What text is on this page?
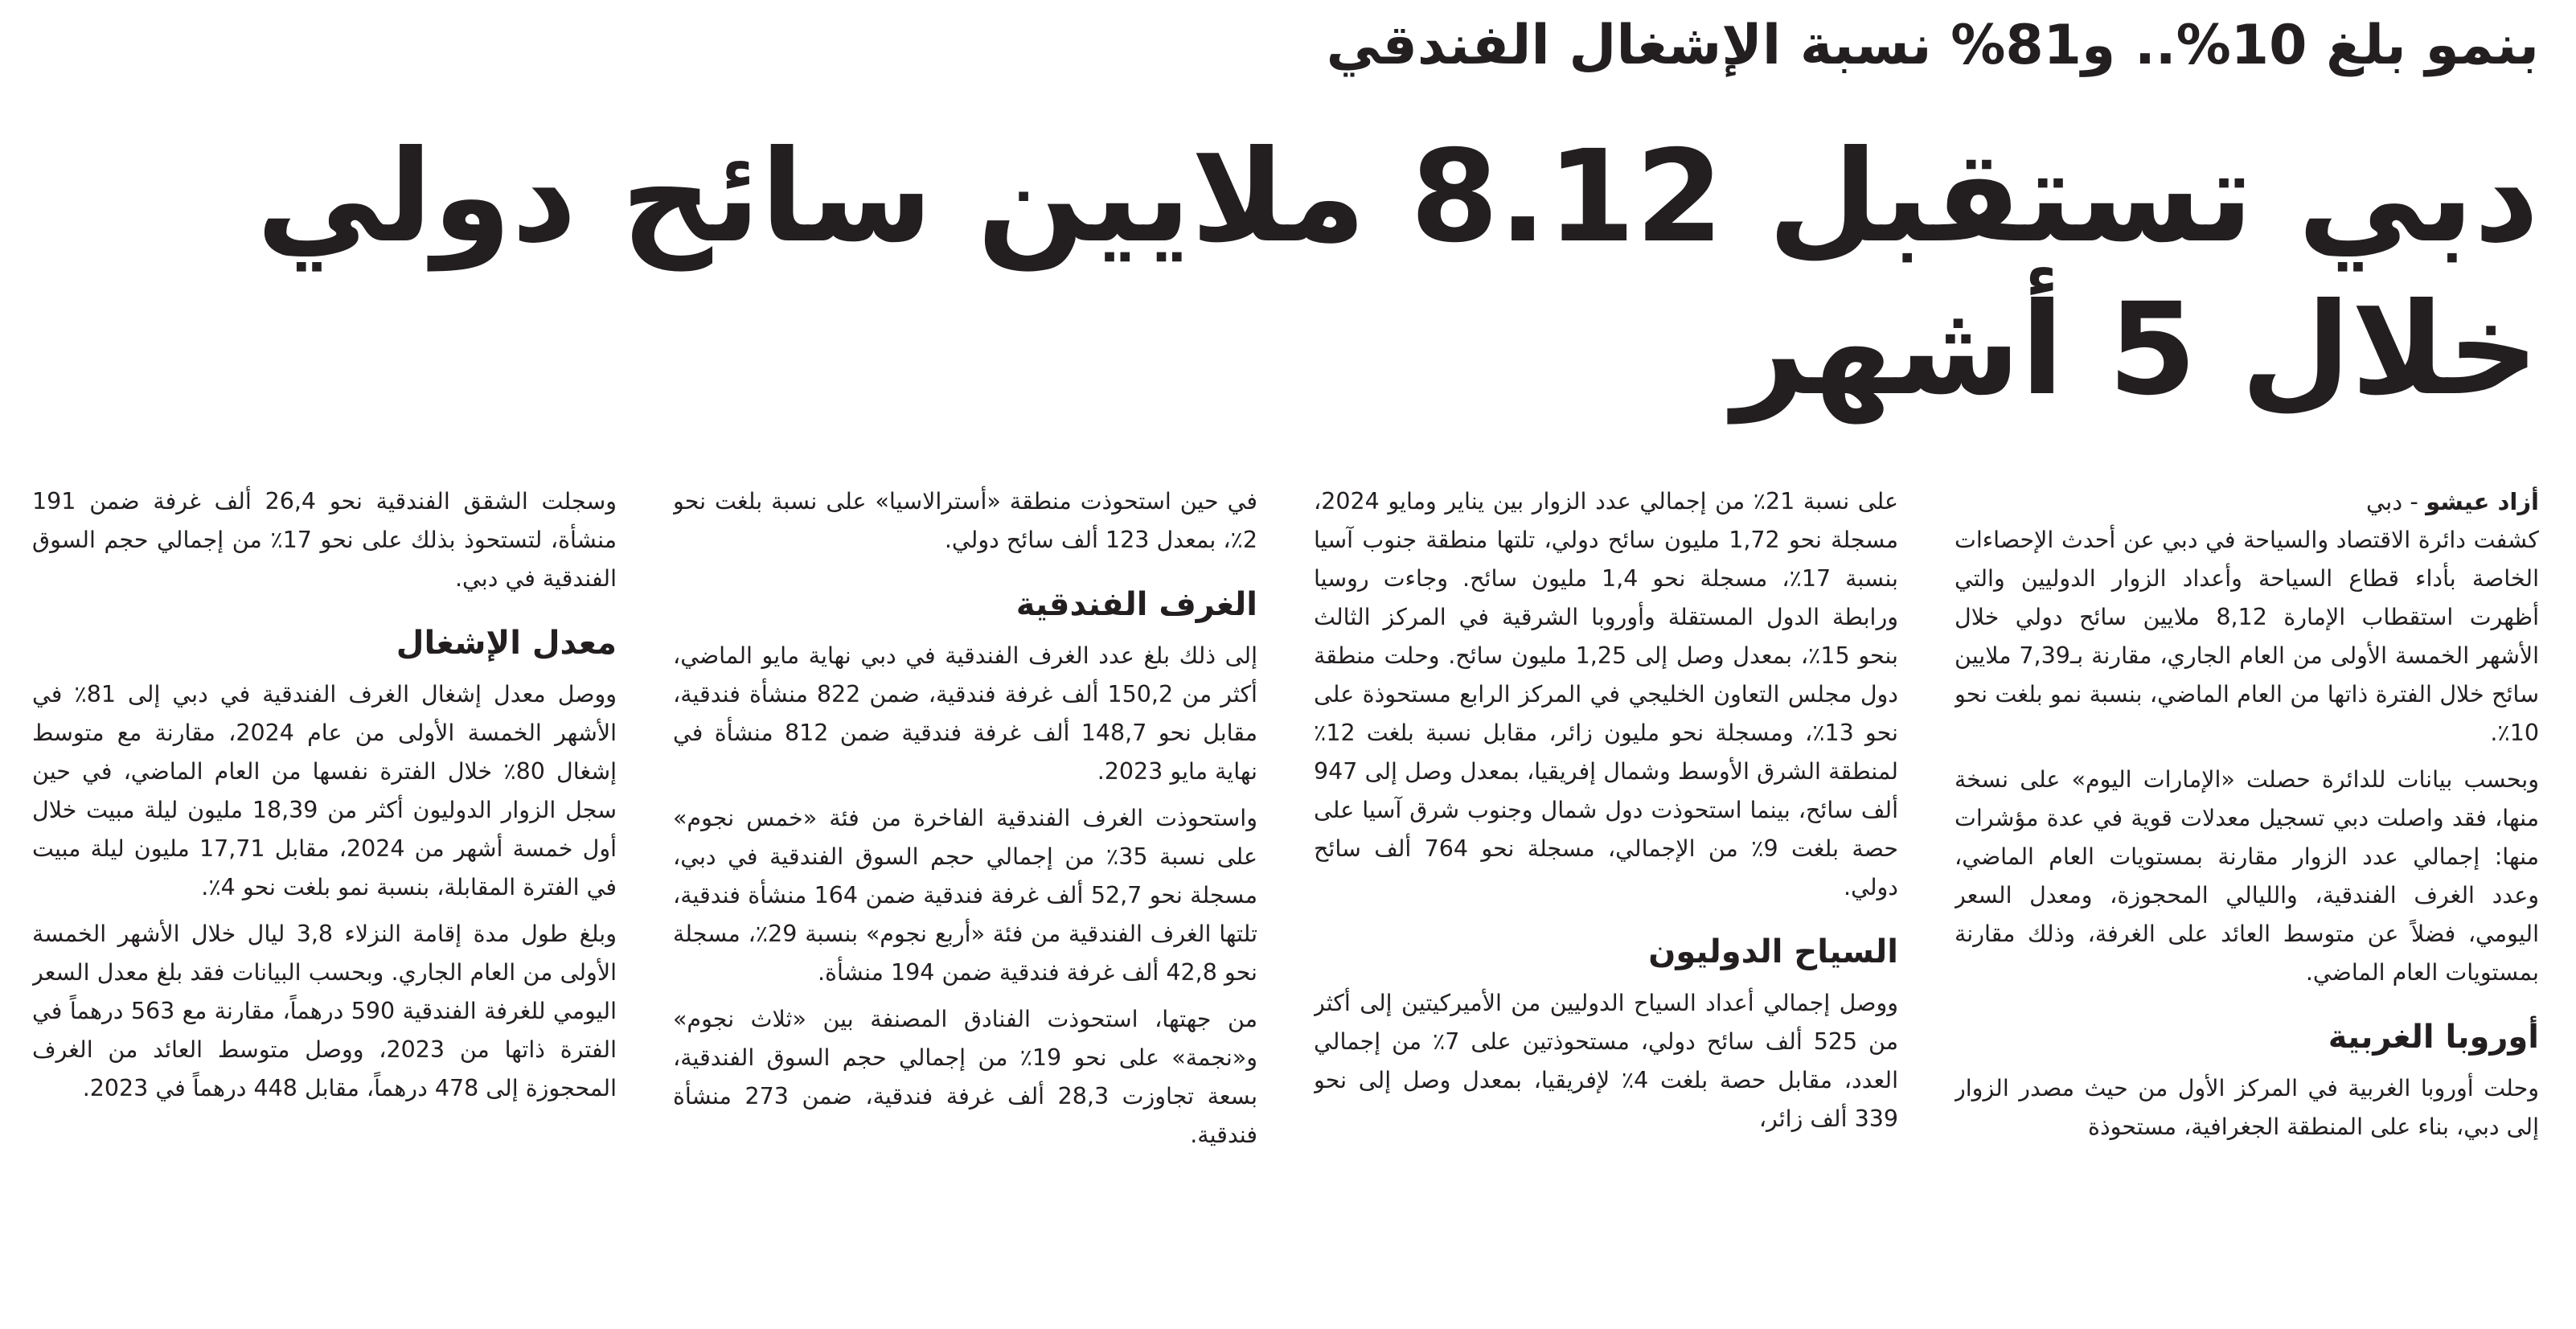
بنمو بلغ 10%.. و81% نسبة الإشغال الفندقي
دبي تستقبل 8.12 ملايين سائح دولي
خلال 5 أشهر

أزاد عيشو - دبي

كشفت دائرة الاقتصاد والسياحة في دبي عن أحدث الإحصاءات الخاصة بأداء قطاع السياحة وأعداد الزوار الدوليين والتي أظهرت استقطاب الإمارة 8,12 ملايين سائح دولي خلال الأشهر الخمسة الأولى من العام الجاري، مقارنة بـ7,39 ملايين سائح خلال الفترة ذاتها من العام الماضي، بنسبة نمو بلغت نحو 10٪.

وبحسب بيانات للدائرة حصلت «الإمارات اليوم» على نسخة منها، فقد واصلت دبي تسجيل معدلات قوية في عدة مؤشرات منها: إجمالي عدد الزوار مقارنة بمستويات العام الماضي، وعدد الغرف الفندقية، والليالي المحجوزة، ومعدل السعر اليومي، فضلاً عن متوسط العائد على الغرفة، وذلك مقارنة بمستويات العام الماضي.

أوروبا الغربية

وحلت أوروبا الغربية في المركز الأول من حيث مصدر الزوار إلى دبي، بناء على المنطقة الجغرافية، مستحوذة

على نسبة 21٪ من إجمالي عدد الزوار بين يناير ومايو 2024، مسجلة نحو 1,72 مليون سائح دولي، تلتها منطقة جنوب آسيا بنسبة 17٪، مسجلة نحو 1,4 مليون سائح. وجاءت روسيا ورابطة الدول المستقلة وأوروبا الشرقية في المركز الثالث بنحو 15٪، بمعدل وصل إلى 1,25 مليون سائح. وحلت منطقة دول مجلس التعاون الخليجي في المركز الرابع مستحوذة على نحو 13٪، ومسجلة نحو مليون زائر، مقابل نسبة بلغت 12٪ لمنطقة الشرق الأوسط وشمال إفريقيا، بمعدل وصل إلى 947 ألف سائح، بينما استحوذت دول شمال وجنوب شرق آسيا على حصة بلغت 9٪ من الإجمالي، مسجلة نحو 764 ألف سائح دولي.

السياح الدوليون

ووصل إجمالي أعداد السياح الدوليين من الأميركيتين إلى أكثر من 525 ألف سائح دولي، مستحوذتين على 7٪ من إجمالي العدد، مقابل حصة بلغت 4٪ لإفريقيا، بمعدل وصل إلى نحو 339 ألف زائر،

في حين استحوذت منطقة «أسترالاسيا» على نسبة بلغت نحو 2٪، بمعدل 123 ألف سائح دولي.

الغرف الفندقية

إلى ذلك بلغ عدد الغرف الفندقية في دبي نهاية مايو الماضي، أكثر من 150,2 ألف غرفة فندقية، ضمن 822 منشأة فندقية، مقابل نحو 148,7 ألف غرفة فندقية ضمن 812 منشأة في نهاية مايو 2023.

واستحوذت الغرف الفندقية الفاخرة من فئة «خمس نجوم» على نسبة 35٪ من إجمالي حجم السوق الفندقية في دبي، مسجلة نحو 52,7 ألف غرفة فندقية ضمن 164 منشأة فندقية، تلتها الغرف الفندقية من فئة «أربع نجوم» بنسبة 29٪، مسجلة نحو 42,8 ألف غرفة فندقية ضمن 194 منشأة.

من جهتها، استحوذت الفنادق المصنفة بين «ثلاث نجوم» و«نجمة» على نحو 19٪ من إجمالي حجم السوق الفندقية، بسعة تجاوزت 28,3 ألف غرفة فندقية، ضمن 273 منشأة فندقية.

وسجلت الشقق الفندقية نحو 26,4 ألف غرفة ضمن 191 منشأة، لتستحوذ بذلك على نحو 17٪ من إجمالي حجم السوق الفندقية في دبي.

معدل الإشغال

ووصل معدل إشغال الغرف الفندقية في دبي إلى 81٪ في الأشهر الخمسة الأولى من عام 2024، مقارنة مع متوسط إشغال 80٪ خلال الفترة نفسها من العام الماضي، في حين سجل الزوار الدوليون أكثر من 18,39 مليون ليلة مبيت خلال أول خمسة أشهر من 2024، مقابل 17,71 مليون ليلة مبيت في الفترة المقابلة، بنسبة نمو بلغت نحو 4٪.

وبلغ طول مدة إقامة النزلاء 3,8 ليال خلال الأشهر الخمسة الأولى من العام الجاري. وبحسب البيانات فقد بلغ معدل السعر اليومي للغرفة الفندقية 590 درهماً، مقارنة مع 563 درهماً في الفترة ذاتها من 2023، ووصل متوسط العائد من الغرف المحجوزة إلى 478 درهماً، مقابل 448 درهماً في 2023.
